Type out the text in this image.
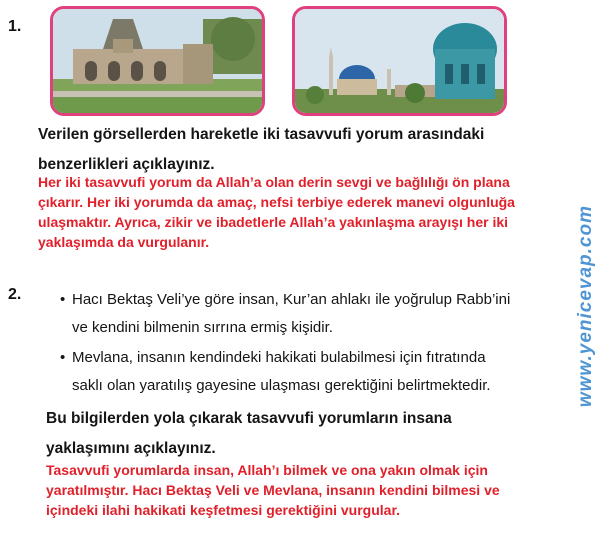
1.
Verilen görsellerden hareketle iki tasavvufi yorum arasındaki
benzerlikleri açıklayınız.
Her iki tasavvufi yorum da Allah’a olan derin sevgi ve bağlılığı ön plana
çıkarır. Her iki yorumda da amaç, nefsi terbiye ederek manevi olgunluğa
ulaşmaktır. Ayrıca, zikir ve ibadetlerle Allah’a yakınlaşma arayışı her iki
yaklaşımda da vurgulanır.
2.	• Hacı Bektaş Veli’ye göre insan, Kur’an ahlakı ile yoğrulup Rabb’ini
ve kendini bilmenin sırrına ermiş kişidir.
• Mevlana, insanın kendindeki hakikati bulabilmesi için fıtratında
saklı olan yaratılış gayesine ulaşması gerektiğini belirtmektedir.
Bu bilgilerden yola çıkarak tasavvufi yorumların insana
yaklaşımını açıklayınız.
Tasavvufi yorumlarda insan, Allah’ı bilmek ve ona yakın olmak için
yaratılmıştır. Hacı Bektaş Veli ve Mevlana, insanın kendini bilmesi ve
içindeki ilahi hakikati keşfetmesi gerektiğini vurgular.
www.yenicevap.com
